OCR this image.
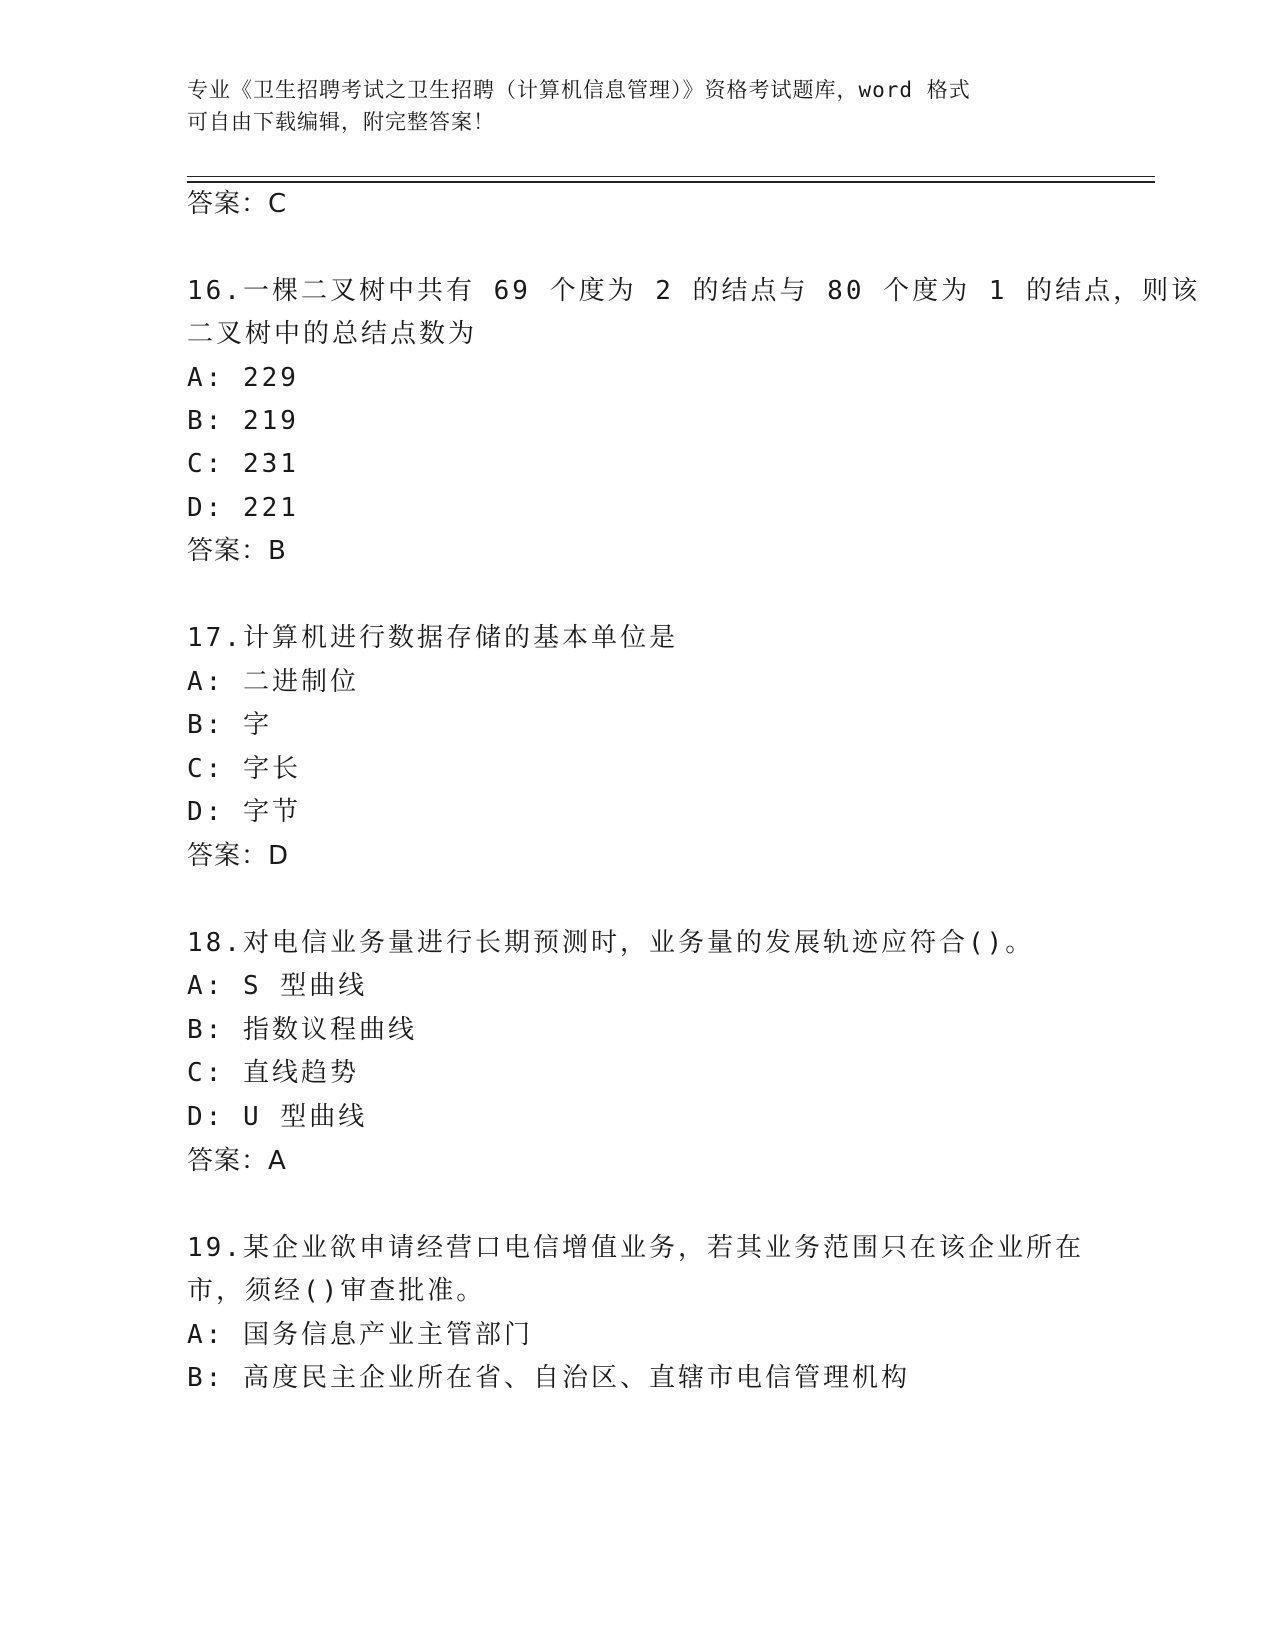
专业《卫生招聘考试之卫生招聘（计算机信息管理）》资格考试题库，word 格式
可自由下载编辑，附完整答案！
答案：C
16.一棵二叉树中共有 69 个度为 2 的结点与 80 个度为 1 的结点，则该
二叉树中的总结点数为
A: 229
B: 219
C: 231
D: 221
答案：B
17.计算机进行数据存储的基本单位是
A: 二进制位
B: 字
C: 字长
D: 字节
答案：D
18.对电信业务量进行长期预测时，业务量的发展轨迹应符合()。
A: S 型曲线
B: 指数议程曲线
C: 直线趋势
D: U 型曲线
答案：A
19.某企业欲申请经营口电信增值业务，若其业务范围只在该企业所在
市，须经()审查批准。
A: 国务信息产业主管部门
B: 高度民主企业所在省、自治区、直辖市电信管理机构
